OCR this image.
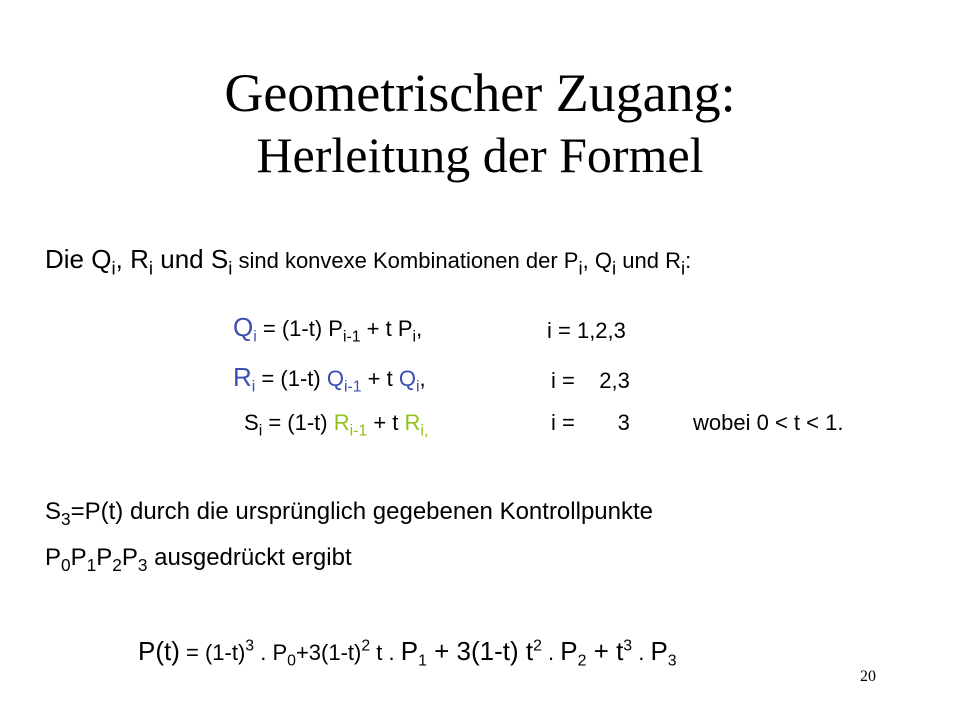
Geometrischer Zugang:
Herleitung der Formel
Die $Q_i$, $R_i$ und $S_i$ sind konvexe Kombinationen der $P_i$, $Q_i$ und $R_i$:
$Q_i = (1-t) P_{i-1} + t$ $P_i$,	i = 1,2,3
$R_i = (1-t) Q_{i-1} + t$ $Q_i$,	i =    2,3
$S_i = (1-t) R_{i-1} + t$ $R_{i,}$	i =       3	wobei 0 < t < 1.
$S_3=P(t)$ durch die ursprünglich gegebenen Kontrollpunkte
$P_0P_1P_2P_3$ ausgedrückt ergibt
$P(t) = (1-t)^3$ . $P_0+3(1-t)^2$ t . $P_1 + 3(1-t)$ $t^2$ . $P_2 + t^3$ . $P_3$
20
